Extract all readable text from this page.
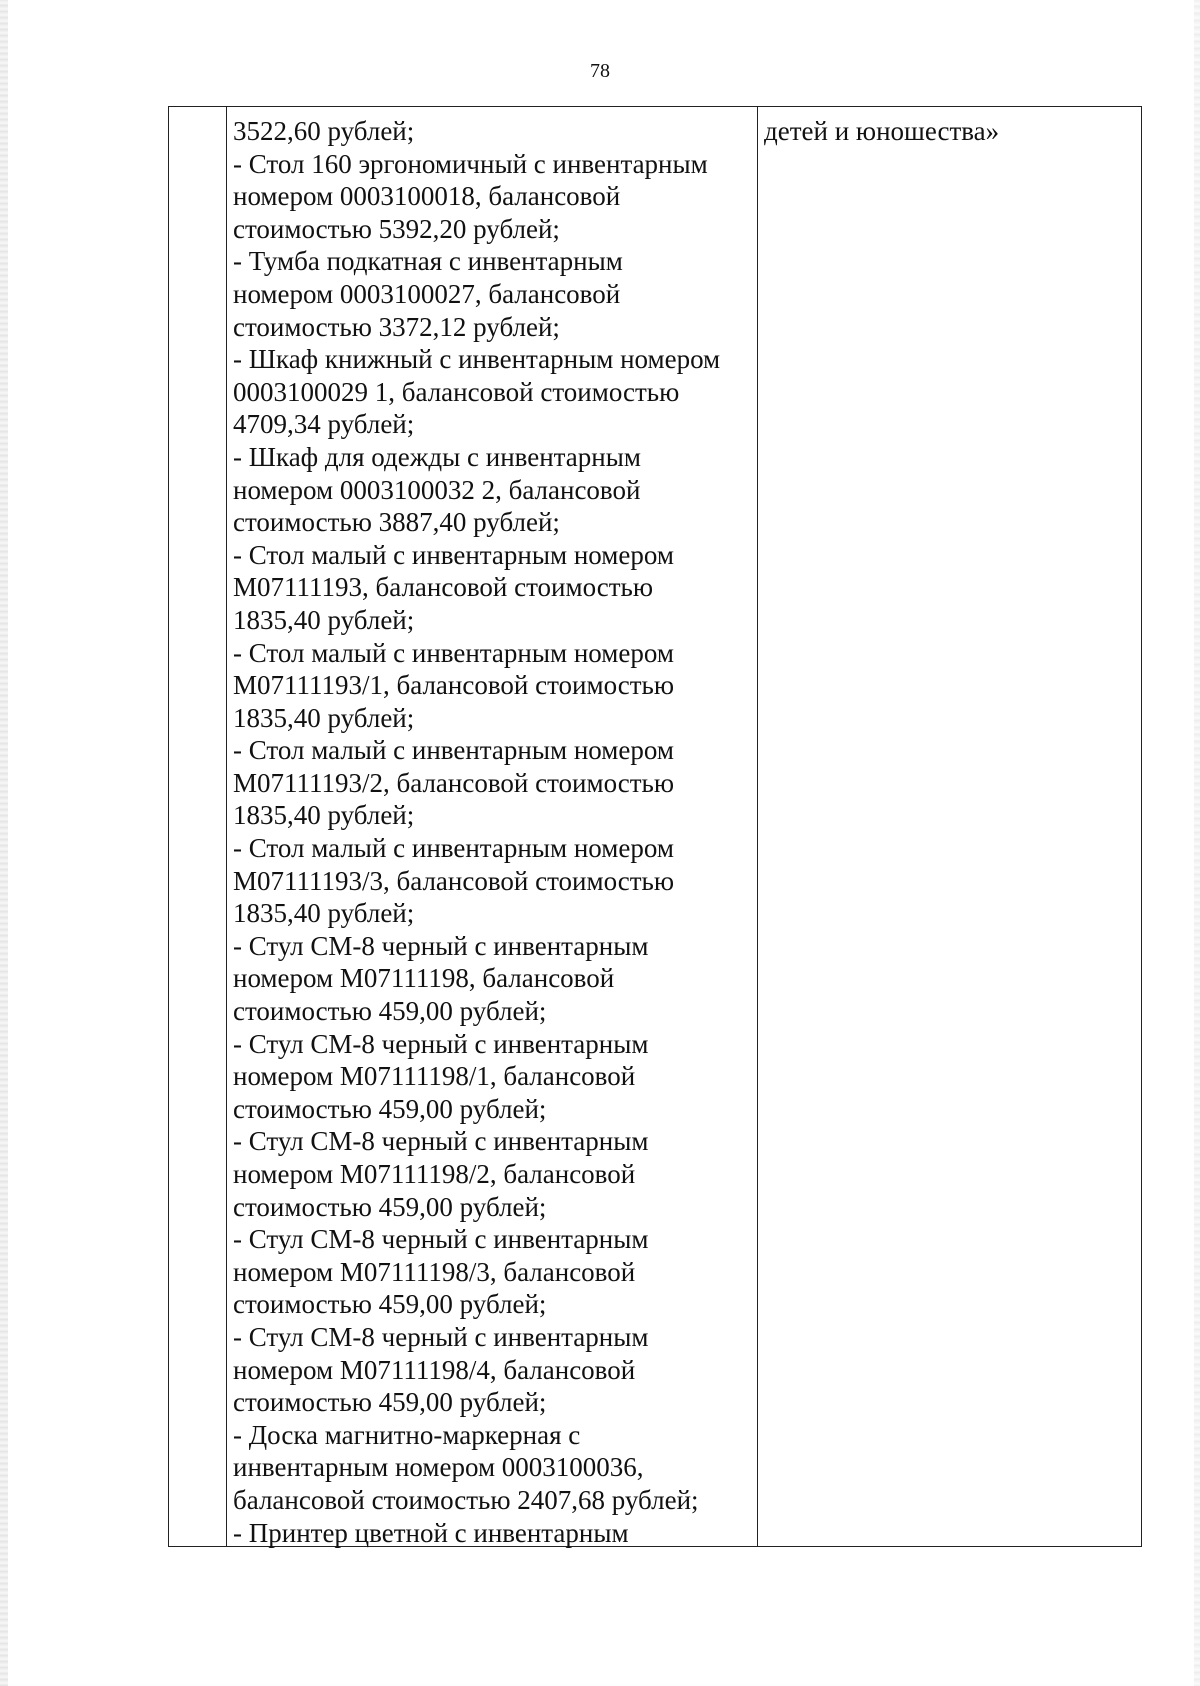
78
3522,60 рублей;
- Стол 160 эргономичный с инвентарным
номером 0003100018, балансовой
стоимостью 5392,20 рублей;
- Тумба подкатная с инвентарным
номером 0003100027, балансовой
стоимостью 3372,12 рублей;
- Шкаф книжный с инвентарным номером
0003100029 1, балансовой стоимостью
4709,34 рублей;
- Шкаф для одежды с инвентарным
номером 0003100032 2, балансовой
стоимостью 3887,40 рублей;
- Стол малый с инвентарным номером
М07111193, балансовой стоимостью
1835,40 рублей;
- Стол малый с инвентарным номером
М07111193/1, балансовой стоимостью
1835,40 рублей;
- Стол малый с инвентарным номером
М07111193/2, балансовой стоимостью
1835,40 рублей;
- Стол малый с инвентарным номером
М07111193/3, балансовой стоимостью
1835,40 рублей;
- Стул СМ-8 черный с инвентарным
номером М07111198, балансовой
стоимостью 459,00 рублей;
- Стул СМ-8 черный с инвентарным
номером М07111198/1, балансовой
стоимостью 459,00 рублей;
- Стул СМ-8 черный с инвентарным
номером М07111198/2, балансовой
стоимостью 459,00 рублей;
- Стул СМ-8 черный с инвентарным
номером М07111198/3, балансовой
стоимостью 459,00 рублей;
- Стул СМ-8 черный с инвентарным
номером М07111198/4, балансовой
стоимостью 459,00 рублей;
- Доска магнитно-маркерная с
инвентарным номером 0003100036,
балансовой стоимостью 2407,68 рублей;
- Принтер цветной с инвентарным
детей и юношества»
